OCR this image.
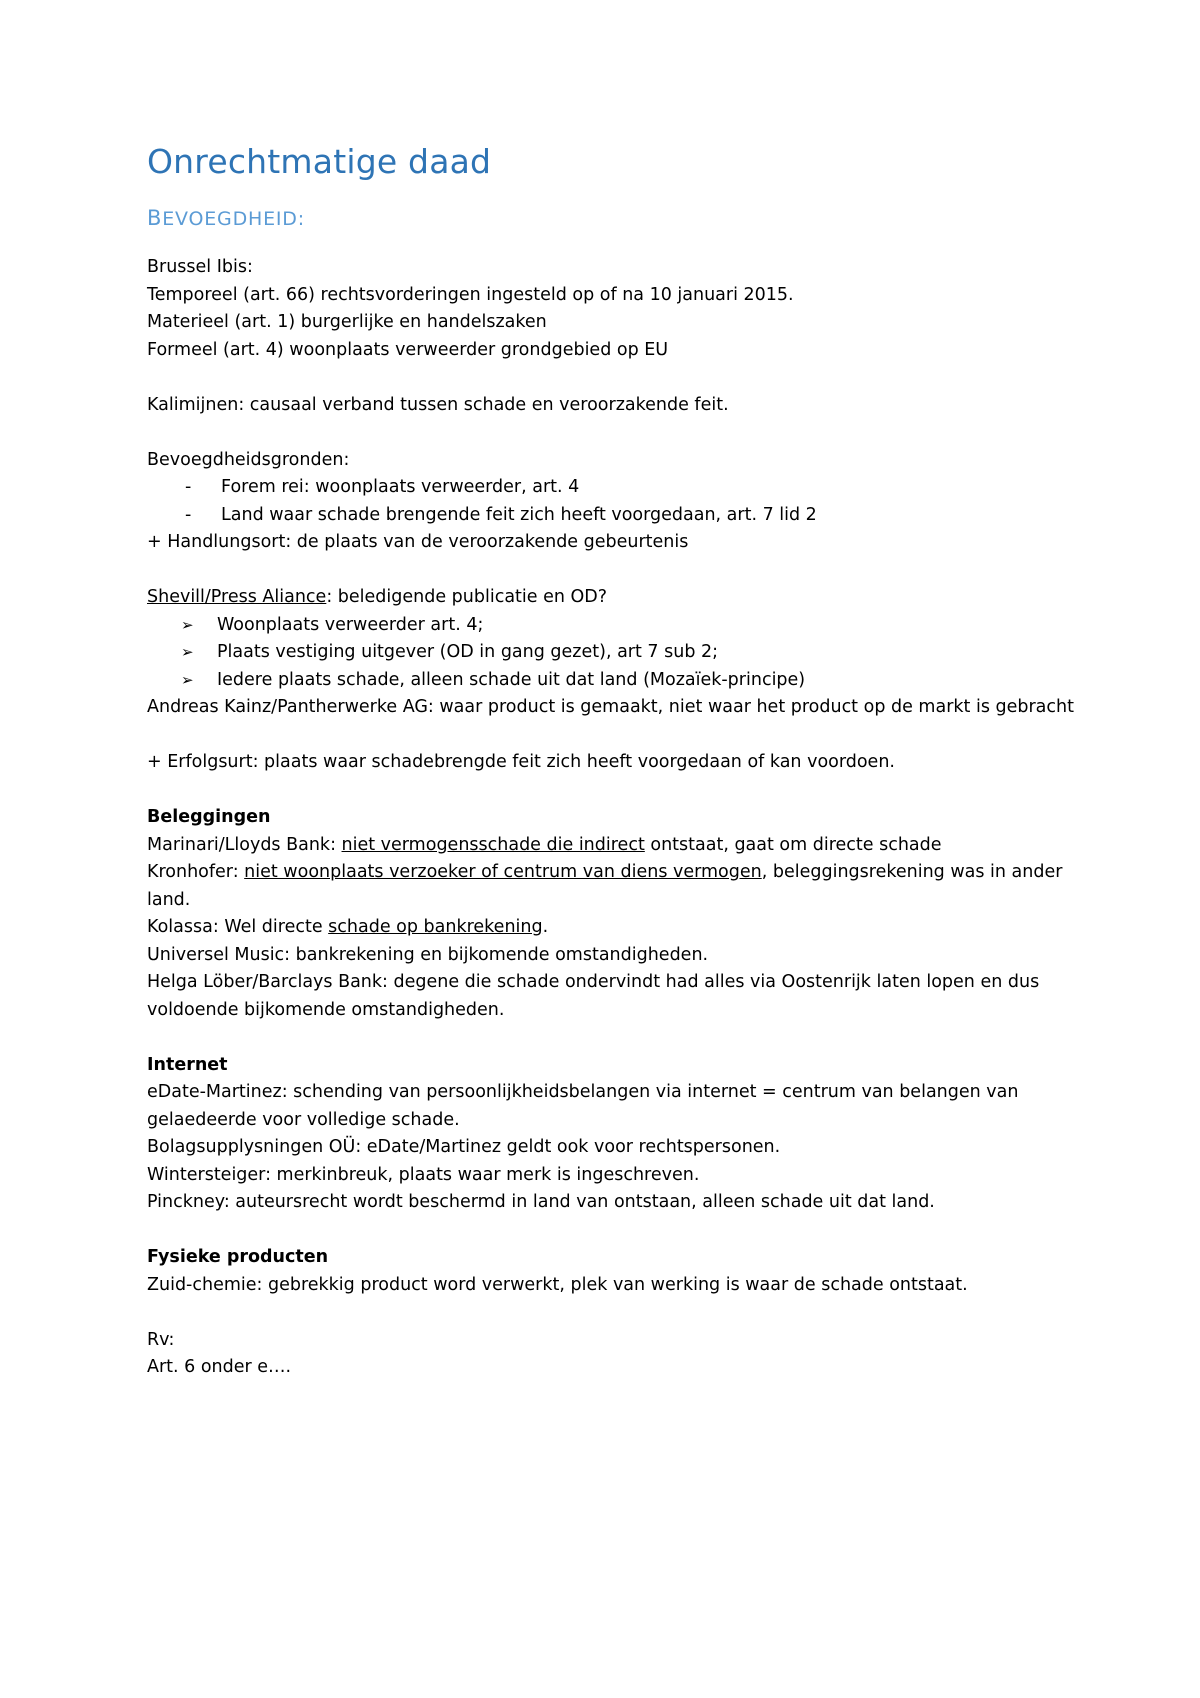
Onrechtmatige daad
BEVOEGDHEID:
Brussel Ibis:
Temporeel (art. 66) rechtsvorderingen ingesteld op of na 10 januari 2015.
Materieel (art. 1) burgerlijke en handelszaken
Formeel (art. 4) woonplaats verweerder grondgebied op EU
Kalimijnen: causaal verband tussen schade en veroorzakende feit.
Bevoegdheidsgronden:
-	Forem rei: woonplaats verweerder, art. 4
-	Land waar schade brengende feit zich heeft voorgedaan, art. 7 lid 2
+ Handlungsort: de plaats van de veroorzakende gebeurtenis
Shevill/Press Aliance: beledigende publicatie en OD?
➢	Woonplaats verweerder art. 4;
➢	Plaats vestiging uitgever (OD in gang gezet), art 7 sub 2;
➢	Iedere plaats schade, alleen schade uit dat land (Mozaïek-principe)
Andreas Kainz/Pantherwerke AG: waar product is gemaakt, niet waar het product op de markt is gebracht
+ Erfolgsurt: plaats waar schadebrengde feit zich heeft voorgedaan of kan voordoen.
Beleggingen
Marinari/Lloyds Bank: niet vermogensschade die indirect ontstaat, gaat om directe schade
Kronhofer: niet woonplaats verzoeker of centrum van diens vermogen, beleggingsrekening was in ander land.
Kolassa: Wel directe schade op bankrekening.
Universel Music: bankrekening en bijkomende omstandigheden.
Helga Löber/Barclays Bank: degene die schade ondervindt had alles via Oostenrijk laten lopen en dus voldoende bijkomende omstandigheden.
Internet
eDate-Martinez: schending van persoonlijkheidsbelangen via internet = centrum van belangen van gelaedeerde voor volledige schade.
Bolagsupplysningen OÜ: eDate/Martinez geldt ook voor rechtspersonen.
Wintersteiger: merkinbreuk, plaats waar merk is ingeschreven.
Pinckney: auteursrecht wordt beschermd in land van ontstaan, alleen schade uit dat land.
Fysieke producten
Zuid-chemie: gebrekkig product word verwerkt, plek van werking is waar de schade ontstaat.
Rv:
Art. 6 onder e….
